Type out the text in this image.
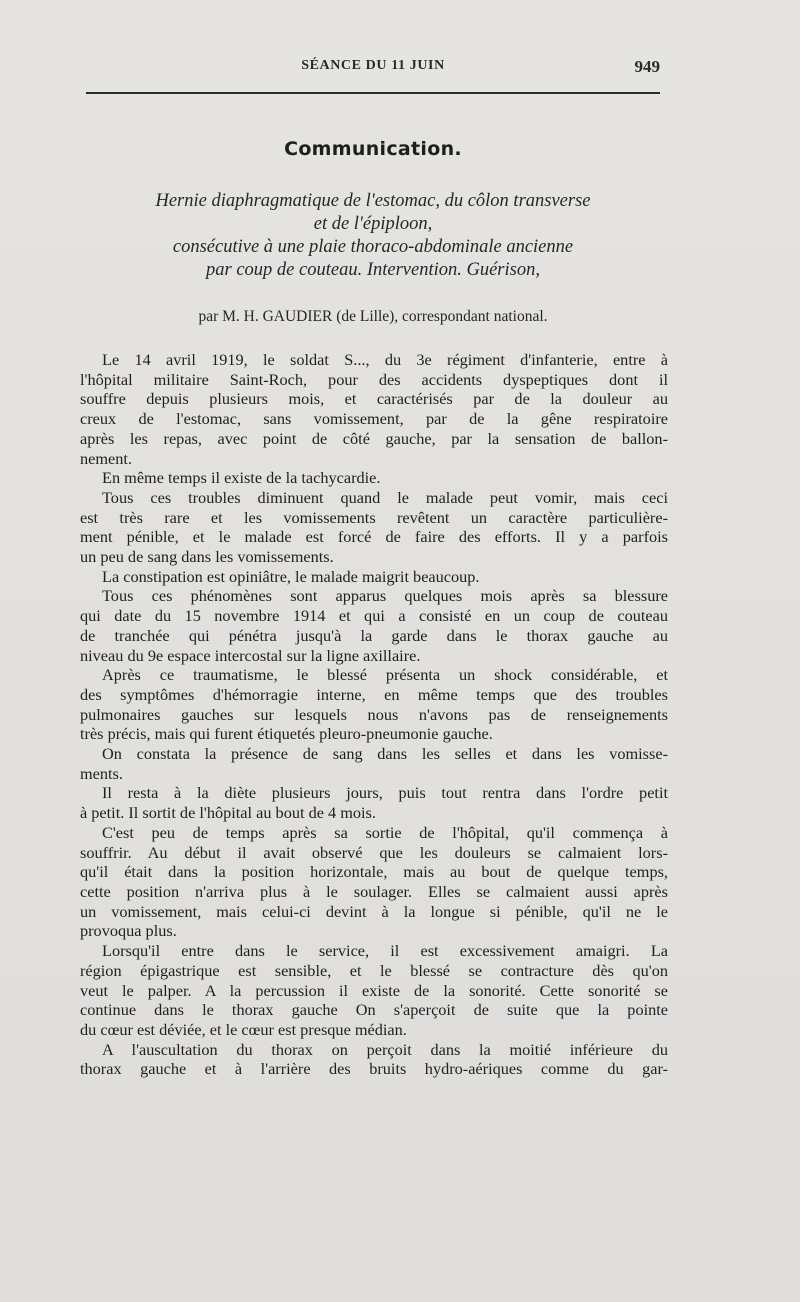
SÉANCE DU 11 JUIN	949
Communication.
Hernie diaphragmatique de l'estomac, du côlon transverse
et de l'épiploon,
consécutive à une plaie thoraco-abdominale ancienne
par coup de couteau. Intervention. Guérison,
par M. H. GAUDIER (de Lille), correspondant national.
Le 14 avril 1919, le soldat S..., du 3e régiment d'infanterie, entre à
l'hôpital militaire Saint-Roch, pour des accidents dyspeptiques dont il
souffre depuis plusieurs mois, et caractérisés par de la douleur au
creux de l'estomac, sans vomissement, par de la gêne respiratoire
après les repas, avec point de côté gauche, par la sensation de ballon-
nement.
En même temps il existe de la tachycardie.
Tous ces troubles diminuent quand le malade peut vomir, mais ceci
est très rare et les vomissements revêtent un caractère particulière-
ment pénible, et le malade est forcé de faire des efforts. Il y a parfois
un peu de sang dans les vomissements.
La constipation est opiniâtre, le malade maigrit beaucoup.
Tous ces phénomènes sont apparus quelques mois après sa blessure
qui date du 15 novembre 1914 et qui a consisté en un coup de couteau
de tranchée qui pénétra jusqu'à la garde dans le thorax gauche au
niveau du 9e espace intercostal sur la ligne axillaire.
Après ce traumatisme, le blessé présenta un shock considérable, et
des symptômes d'hémorragie interne, en même temps que des troubles
pulmonaires gauches sur lesquels nous n'avons pas de renseignements
très précis, mais qui furent étiquetés pleuro-pneumonie gauche.
On constata la présence de sang dans les selles et dans les vomisse-
ments.
Il resta à la diète plusieurs jours, puis tout rentra dans l'ordre petit
à petit. Il sortit de l'hôpital au bout de 4 mois.
C'est peu de temps après sa sortie de l'hôpital, qu'il commença à
souffrir. Au début il avait observé que les douleurs se calmaient lors-
qu'il était dans la position horizontale, mais au bout de quelque temps,
cette position n'arriva plus à le soulager. Elles se calmaient aussi après
un vomissement, mais celui-ci devint à la longue si pénible, qu'il ne le
provoqua plus.
Lorsqu'il entre dans le service, il est excessivement amaigri. La
région épigastrique est sensible, et le blessé se contracture dès qu'on
veut le palper. A la percussion il existe de la sonorité. Cette sonorité se
continue dans le thorax gauche On s'aperçoit de suite que la pointe
du cœur est déviée, et le cœur est presque médian.
A l'auscultation du thorax on perçoit dans la moitié inférieure du
thorax gauche et à l'arrière des bruits hydro-aériques comme du gar-
